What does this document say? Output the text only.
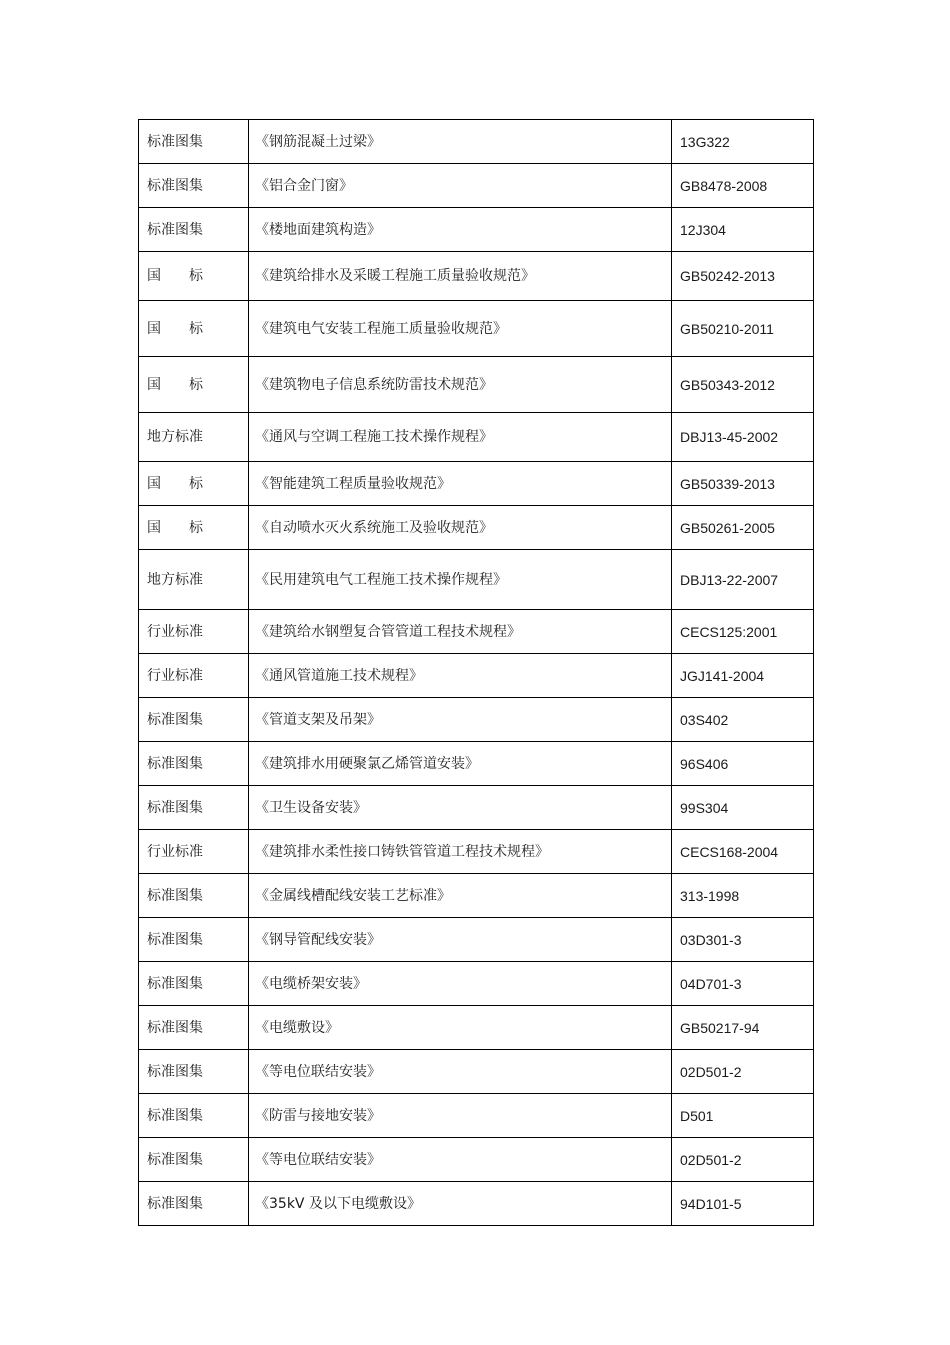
标准图集	《钢筋混凝土过梁》	13G322
标准图集	《铝合金门窗》	GB8478-2008
标准图集	《楼地面建筑构造》	12J304
国　　标	《建筑给排水及采暖工程施工质量验收规范》	GB50242-2013
国　　标	《建筑电气安装工程施工质量验收规范》	GB50210-2011
国　　标	《建筑物电子信息系统防雷技术规范》	GB50343-2012
地方标准	《通风与空调工程施工技术操作规程》	DBJ13-45-2002
国　　标	《智能建筑工程质量验收规范》	GB50339-2013
国　　标	《自动喷水灭火系统施工及验收规范》	GB50261-2005
地方标准	《民用建筑电气工程施工技术操作规程》	DBJ13-22-2007
行业标准	《建筑给水钢塑复合管管道工程技术规程》	CECS125:2001
行业标准	《通风管道施工技术规程》	JGJ141-2004
标准图集	《管道支架及吊架》	03S402
标准图集	《建筑排水用硬聚氯乙烯管道安装》	96S406
标准图集	《卫生设备安装》	99S304
行业标准	《建筑排水柔性接口铸铁管管道工程技术规程》	CECS168-2004
标准图集	《金属线槽配线安装工艺标准》	313-1998
标准图集	《钢导管配线安装》	03D301-3
标准图集	《电缆桥架安装》	04D701-3
标准图集	《电缆敷设》	GB50217-94
标准图集	《等电位联结安装》	02D501-2
标准图集	《防雷与接地安装》	D501
标准图集	《等电位联结安装》	02D501-2
标准图集	《35kV 及以下电缆敷设》	94D101-5
